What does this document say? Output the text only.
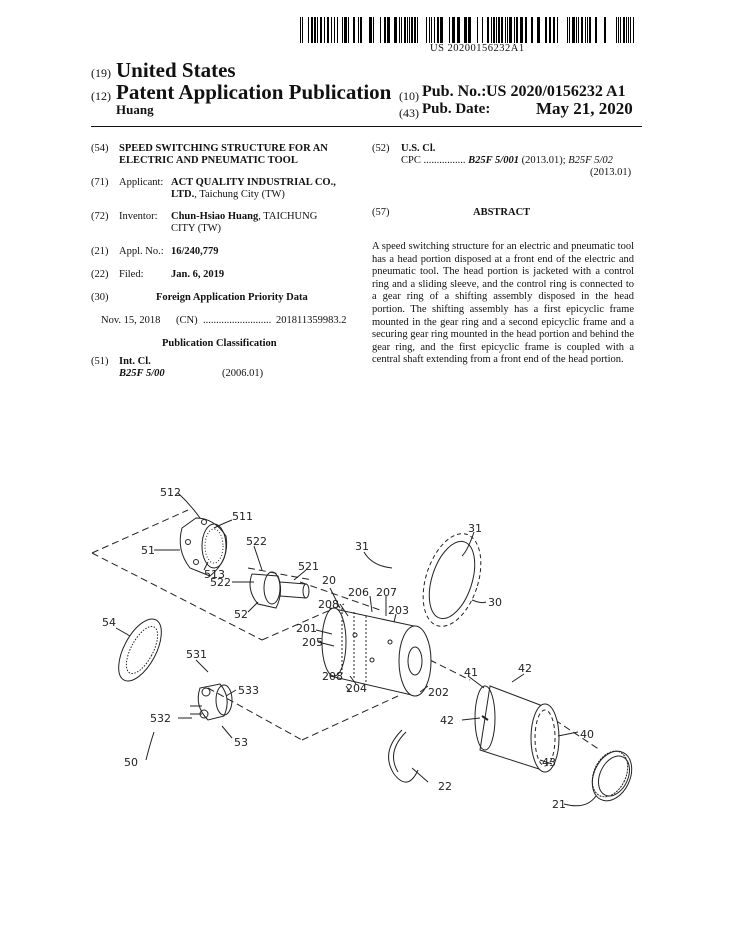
US 20200156232A1
(19) United States
(12) Patent Application Publication
Huang
(10) Pub. No.: US 2020/0156232 A1
(43) Pub. Date:	May 21, 2020
(54) SPEED SWITCHING STRUCTURE FOR AN
ELECTRIC AND PNEUMATIC TOOL
(71) Applicant: ACT QUALITY INDUSTRIAL CO.,
LTD., Taichung City (TW)
(72) Inventor: Chun-Hsiao Huang, TAICHUNG
CITY (TW)
(21) Appl. No.: 16/240,779
(22) Filed:	Jan. 6, 2019
(30)	Foreign Application Priority Data
Nov. 15, 2018 (CN) .......................... 201811359983.2
Publication Classification
(51) Int. Cl.
B25F 5/00	(2006.01)
(52) U.S. Cl.
CPC ................ B25F 5/001 (2013.01); B25F 5/02
(2013.01)
(57)	ABSTRACT
A speed switching structure for an electric and pneumatic tool has a head portion disposed at a front end of the electric and pneumatic tool. The head portion is jacketed with a control ring and a sliding sleeve, and the control ring is connected to a gear ring of a shifting assembly disposed in the head portion. The shifting assembly has a first epicyclic frame mounted in the gear ring and a second epicyclic frame and a securing gear ring mounted in the head portion and behind the gear ring, and the first epicyclic frame is coupled with a central shaft extending from a front end of the head portion.
512
511
51
513
522
522
521
52
31
31
20
206 207
208	203
30
201
205
54
531
533
208
204	202
41	42
42
40
532
53
50	43
22
21
